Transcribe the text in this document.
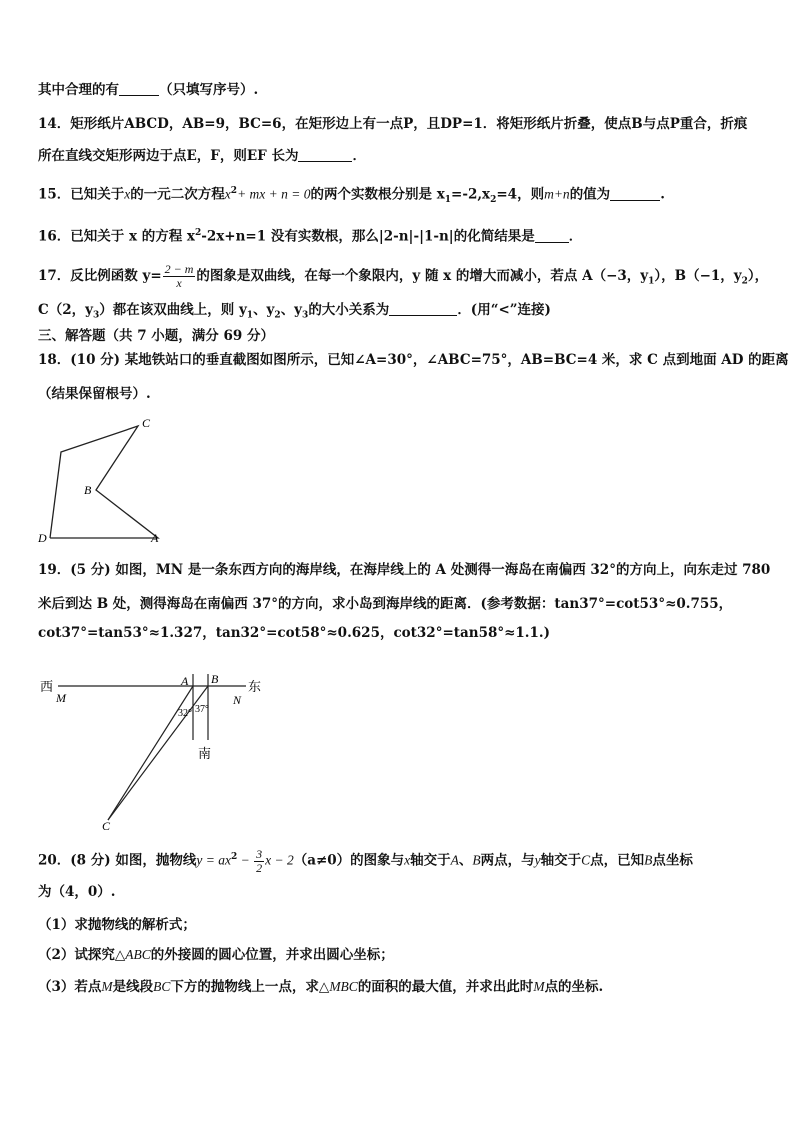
其中合理的有	（只填写序号）.
14．矩形纸片ABCD，AB=9，BC=6，在矩形边上有一点P，且DP=1．将矩形纸片折叠，使点B与点P重合，折痕
所在直线交矩形两边于点E，F，则EF 长为	．
15．已知关于x的一元二次方程$x^2+$ mx + n = 0的两个实数根分别是 $x_1=-2,x_2=4$，则m+n的值为	.
16．已知关于 x 的方程 $x^2-2x+n=1$ 没有实数根，那么|2-n|-|1-n|的化简结果是	．
17．反比例函数 $y= \frac{2 - m}{x}$ 的图象是双曲线，在每一个象限内，y 随 x 的增大而减小，若点 A（−3，$y_1$），B（−1，$y_2$），
C（2，$y_3$）都在该双曲线上，则 $y_1$、$y_2$、$y_3$的大小关系为	．(用“<”连接)
三、解答题（共 7 小题，满分 69 分）
18．(10 分) 某地铁站口的垂直截图如图所示，已知∠A=30°，∠ABC=75°，AB=BC=4 米，求 C 点到地面 AD 的距离
（结果保留根号）.
C
B
D	A
19．(5 分) 如图，MN 是一条东西方向的海岸线，在海岸线上的 A 处测得一海岛在南偏西 32°的方向上，向东走过 780
米后到达 B 处，测得海岛在南偏西 37°的方向，求小岛到海岸线的距离．(参考数据：tan37°=cot53°≈0.755，
cot37°=tan53°≈1.327，tan32°=cot58°≈0.625，cot32°=tan58°≈1.1.)
西
M
A B 东
N
32° 37°
南
C
20．(8 分) 如图，抛物线$y = ax^2 - \frac{3}{2}$ x − 2（a≠0）的图象与x轴交于A、B两点，与y轴交于C点，已知B点坐标
为（4，0）.
（1）求抛物线的解析式；
（2）试探究△ABC的外接圆的圆心位置，并求出圆心坐标；
（3）若点M是线段BC下方的抛物线上一点，求△MBC的面积的最大值，并求出此时M点的坐标.
